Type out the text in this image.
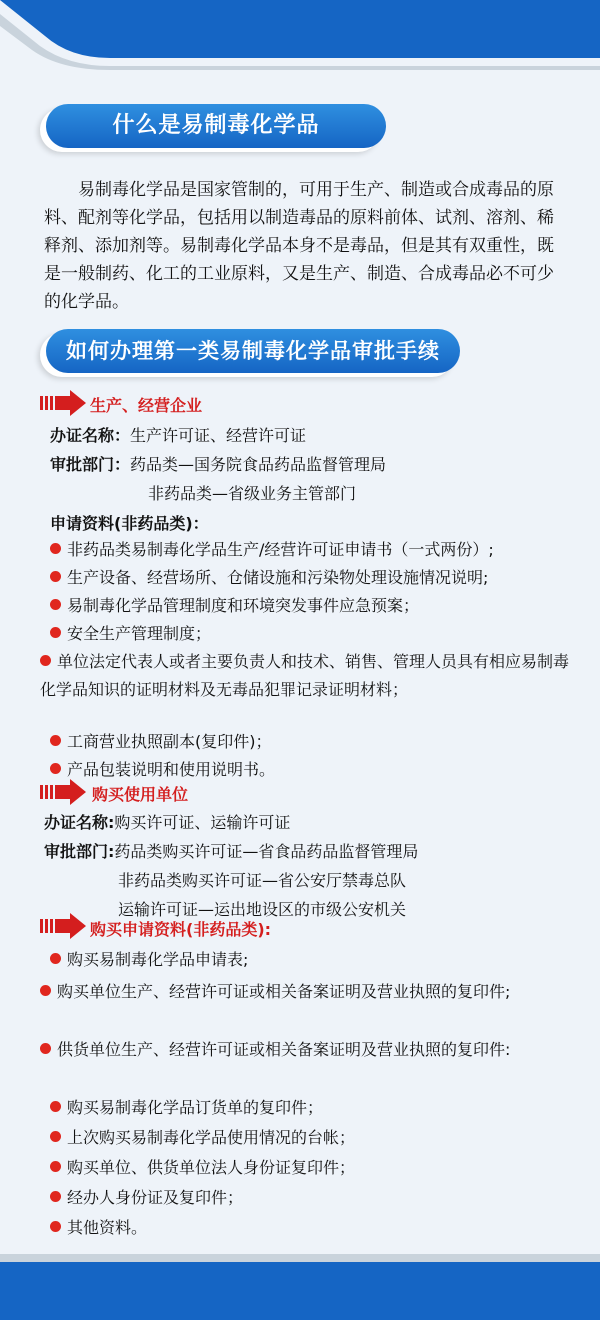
什么是易制毒化学品
易制毒化学品是国家管制的，可用于生产、制造或合成毒品的原料、配剂等化学品，包括用以制造毒品的原料前体、试剂、溶剂、稀释剂、添加剂等。易制毒化学品本身不是毒品，但是其有双重性，既是一般制药、化工的工业原料，又是生产、制造、合成毒品必不可少的化学品。
如何办理第一类易制毒化学品审批手续
生产、经营企业
办证名称：生产许可证、经营许可证
审批部门：药品类—国务院食品药品监督管理局
非药品类—省级业务主管部门
申请资料(非药品类)：
非药品类易制毒化学品生产/经营许可证申请书（一式两份）;
生产设备、经营场所、仓储设施和污染物处理设施情况说明;
易制毒化学品管理制度和环境突发事件应急预案；
安全生产管理制度；
单位法定代表人或者主要负责人和技术、销售、管理人员具有相应易制毒化学品知识的证明材料及无毒品犯罪记录证明材料；
工商营业执照副本(复印件)；
产品包装说明和使用说明书。
购买使用单位
办证名称:购买许可证、运输许可证
审批部门:药品类购买许可证—省食品药品监督管理局
非药品类购买许可证—省公安厅禁毒总队
运输许可证—运出地设区的市级公安机关
购买申请资料(非药品类):
购买易制毒化学品申请表;
购买单位生产、经营许可证或相关备案证明及营业执照的复印件;
供货单位生产、经营许可证或相关备案证明及营业执照的复印件:
购买易制毒化学品订货单的复印件；
上次购买易制毒化学品使用情况的台帐；
购买单位、供货单位法人身份证复印件；
经办人身份证及复印件；
其他资料。
